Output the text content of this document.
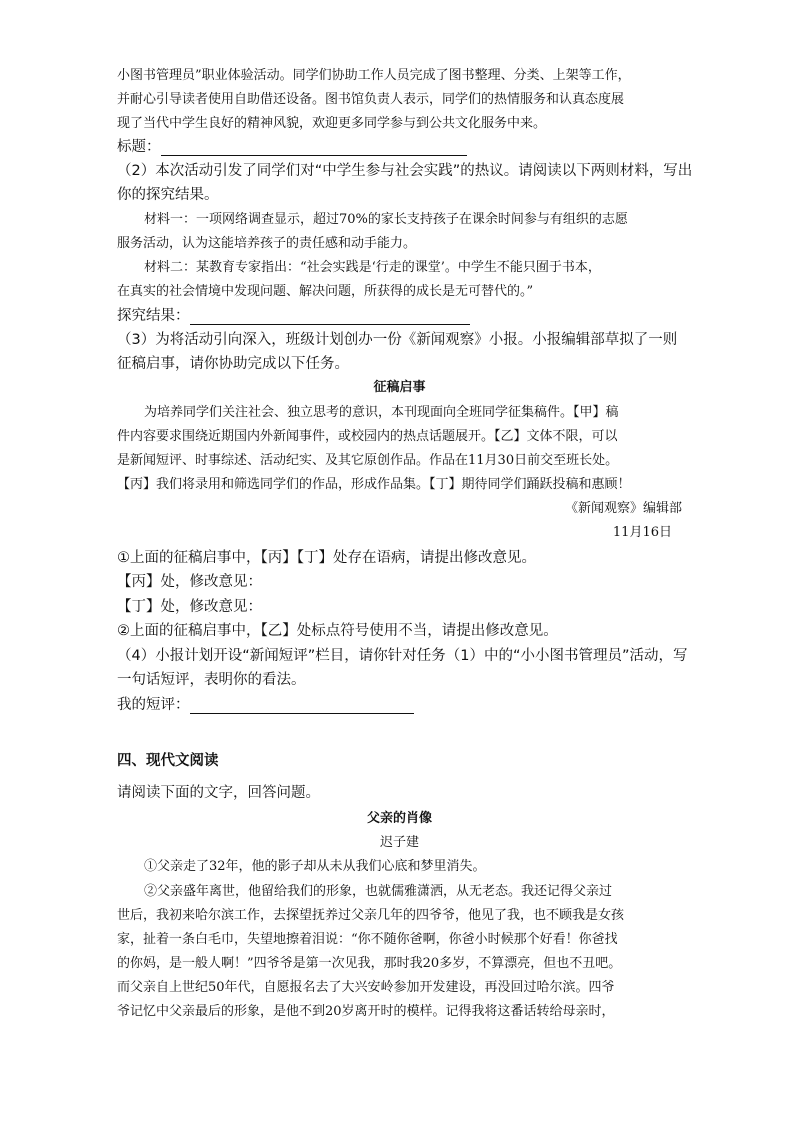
小图书管理员”职业体验活动。同学们协助工作人员完成了图书整理、分类、上架等工作，
并耐心引导读者使用自助借还设备。图书馆负责人表示，同学们的热情服务和认真态度展
现了当代中学生良好的精神风貌，欢迎更多同学参与到公共文化服务中来。
标题：
（2）本次活动引发了同学们对“中学生参与社会实践”的热议。请阅读以下两则材料，写出
你的探究结果。
材料一：一项网络调查显示，超过70%的家长支持孩子在课余时间参与有组织的志愿
服务活动，认为这能培养孩子的责任感和动手能力。
材料二：某教育专家指出：“社会实践是‘行走的课堂’。中学生不能只囿于书本，
在真实的社会情境中发现问题、解决问题，所获得的成长是无可替代的。”
探究结果：
（3）为将活动引向深入，班级计划创办一份《新闻观察》小报。小报编辑部草拟了一则
征稿启事，请你协助完成以下任务。
征稿启事
为培养同学们关注社会、独立思考的意识，本刊现面向全班同学征集稿件。【甲】稿
件内容要求围绕近期国内外新闻事件，或校园内的热点话题展开。【乙】文体不限，可以
是新闻短评、时事综述、活动纪实、及其它原创作品。作品在11月30日前交至班长处。
【丙】我们将录用和筛选同学们的作品，形成作品集。【丁】期待同学们踊跃投稿和惠顾！
《新闻观察》编辑部
11月16日
①上面的征稿启事中，【丙】【丁】处存在语病，请提出修改意见。
【丙】处，修改意见：
【丁】处，修改意见：
②上面的征稿启事中，【乙】处标点符号使用不当，请提出修改意见。
（4）小报计划开设“新闻短评”栏目，请你针对任务（1）中的“小小图书管理员”活动，写
一句话短评，表明你的看法。
我的短评：
四、现代文阅读
请阅读下面的文字，回答问题。
父亲的肖像
迟子建
①父亲走了32年，他的影子却从未从我们心底和梦里消失。
②父亲盛年离世，他留给我们的形象，也就儒雅潇洒，从无老态。我还记得父亲过
世后，我初来哈尔滨工作，去探望抚养过父亲几年的四爷爷，他见了我，也不顾我是女孩
家，扯着一条白毛巾，失望地擦着泪说：“你不随你爸啊，你爸小时候那个好看！你爸找
的你妈，是一般人啊！”四爷爷是第一次见我，那时我20多岁，不算漂亮，但也不丑吧。
而父亲自上世纪50年代，自愿报名去了大兴安岭参加开发建设，再没回过哈尔滨。四爷
爷记忆中父亲最后的形象，是他不到20岁离开时的模样。记得我将这番话转给母亲时，
